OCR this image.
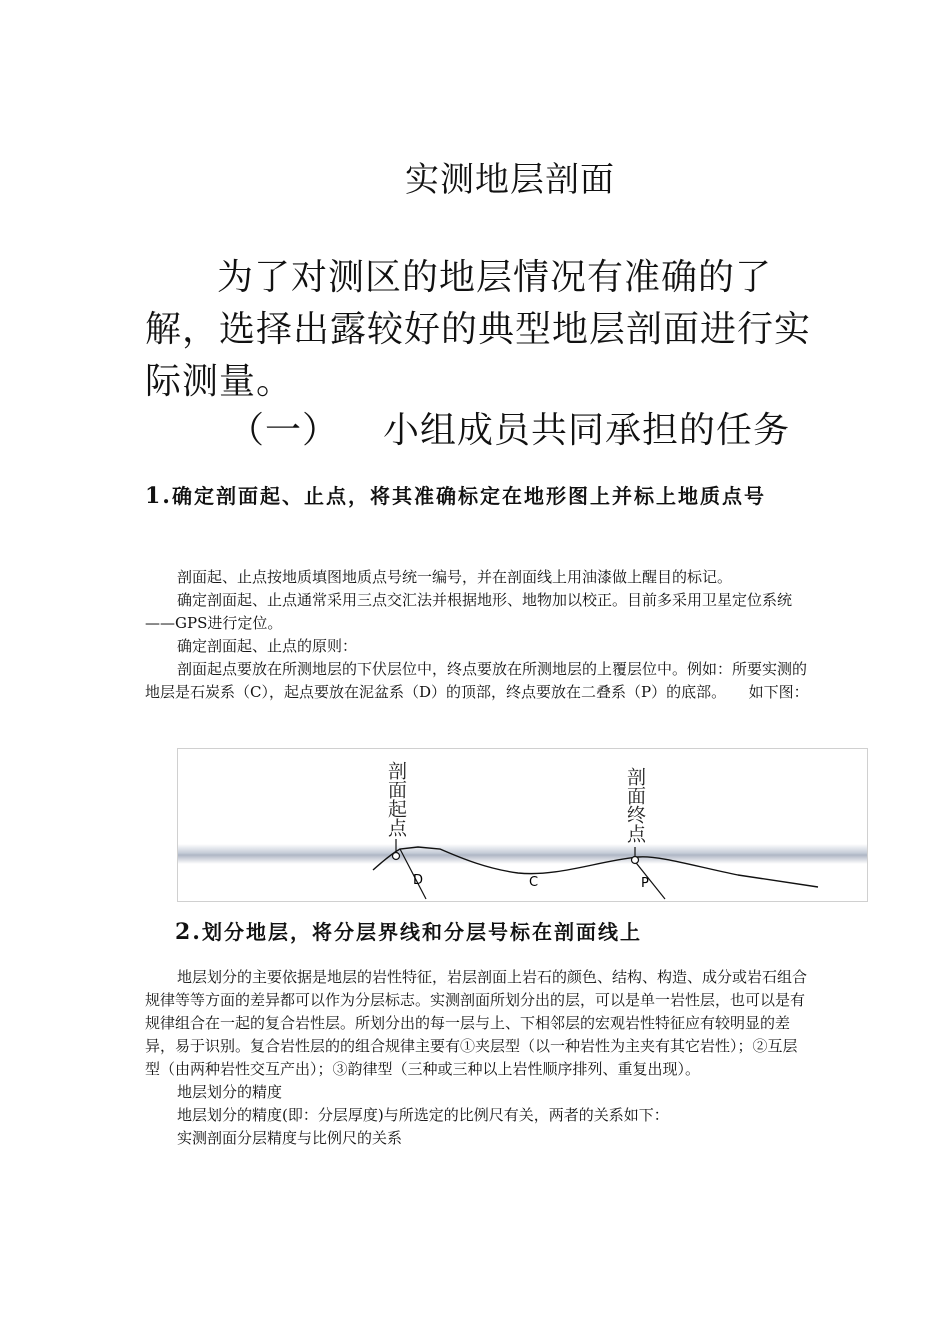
实测地层剖面
为了对测区的地层情况有准确的了解，选择出露较好的典型地层剖面进行实际测量。
（一） 小组成员共同承担的任务
1.确定剖面起、止点，将其准确标定在地形图上并标上地质点号

剖面起、止点按地质填图地质点号统一编号，并在剖面线上用油漆做上醒目的标记。

确定剖面起、止点通常采用三点交汇法并根据地形、地物加以校正。目前多采用卫星定位系统——GPS进行定位。

确定剖面起、止点的原则：

剖面起点要放在所测地层的下伏层位中，终点要放在所测地层的上覆层位中。例如：所要实测的地层是石炭系（C），起点要放在泥盆系（D）的顶部，终点要放在二叠系（P）的底部。　　如下图：

剖面起点	剖面终点
D	C	P
2.划分地层，将分层界线和分层号标在剖面线上

地层划分的主要依据是地层的岩性特征，岩层剖面上岩石的颜色、结构、构造、成分或岩石组合规律等等方面的差异都可以作为分层标志。实测剖面所划分出的层，可以是单一岩性层，也可以是有规律组合在一起的复合岩性层。所划分出的每一层与上、下相邻层的宏观岩性特征应有较明显的差异，易于识别。复合岩性层的的组合规律主要有①夹层型（以一种岩性为主夹有其它岩性）；②互层型（由两种岩性交互产出）；③韵律型（三种或三种以上岩性顺序排列、重复出现）。

地层划分的精度

地层划分的精度(即：分层厚度)与所选定的比例尺有关，两者的关系如下：

实测剖面分层精度与比例尺的关系
